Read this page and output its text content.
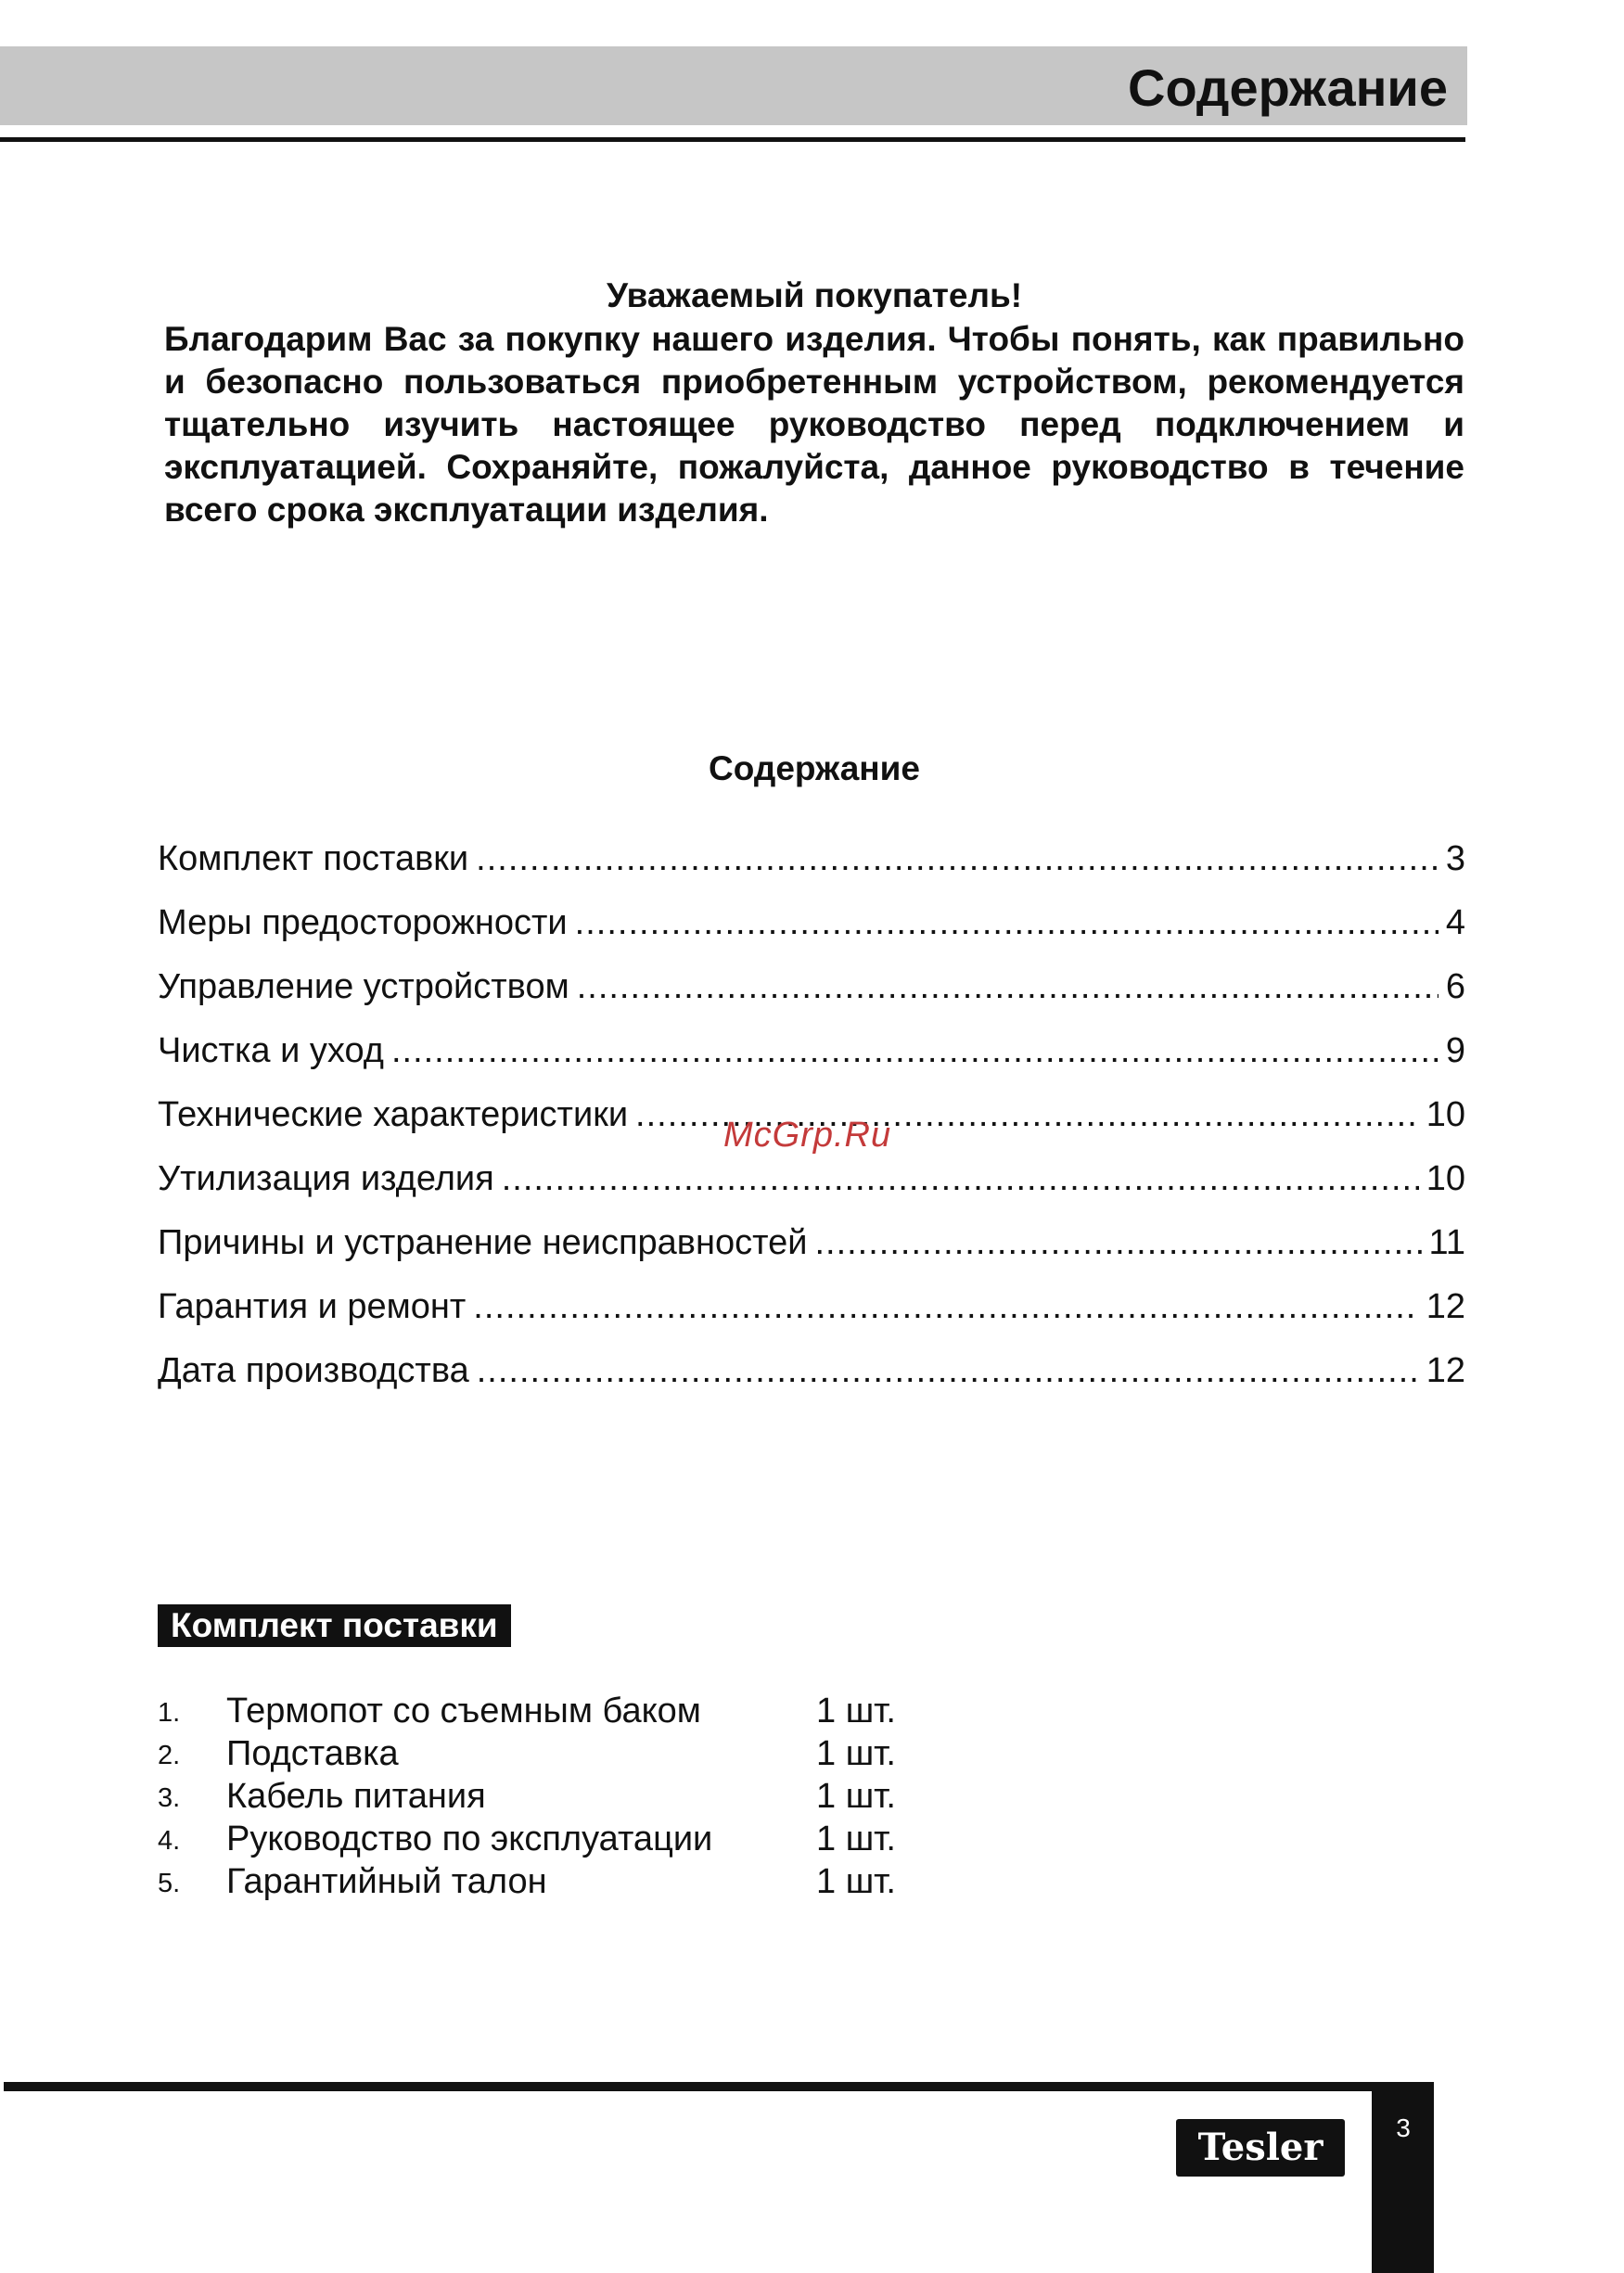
Содержание

Уважаемый покупатель!

Благодарим Вас за покупку нашего изделия. Чтобы понять, как правильно и безопасно пользоваться приобретенным устройством, рекомендуется тщательно изучить настоящее руководство перед подключением и эксплуатацией. Сохраняйте, пожалуйста, данное руководство в течение всего срока эксплуатации изделия.

Содержание
Комплект поставки .....	3
Меры предосторожности .....	4
Управление устройством .....	6
Чистка и уход .....	9
Технические характеристики .....	10
Утилизация изделия .....	10
Причины и устранение неисправностей .....	11
Гарантия и ремонт .....	12
Дата производства .....	12
McGrp.Ru
Комплект поставки
1. Термопот со съемным баком	1 шт.
2. Подставка	1 шт.
3. Кабель питания	1 шт.
4. Руководство по эксплуатации	1 шт.
5. Гарантийный талон	1 шт.
3
Tesler
